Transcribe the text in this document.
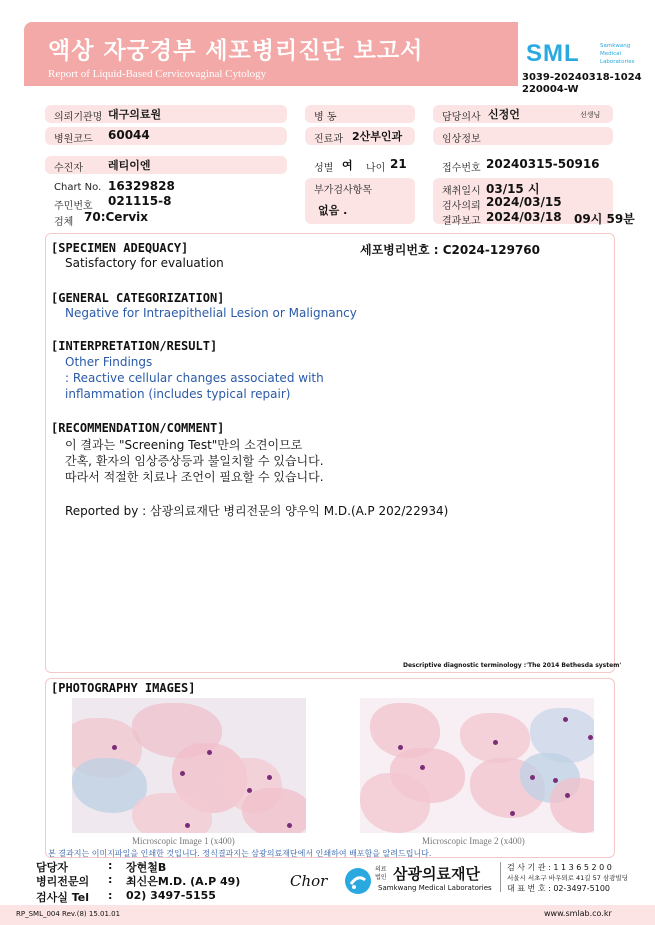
액상 자궁경부 세포병리진단 보고서
Report of Liquid-Based Cervicovaginal Cytology
SML	Samkwang
Medical
Laboratories
3039-20240318-1024
220004-W
의뢰기관명 대구의료원	병 동	담당의사 신정언	선생님
병원코드 60044	진료과 2산부인과	임상정보
수진자 레티이엔	성별 여 나이 21	접수번호 20240315-50916
Chart No. 16329828
주민번호 021115-8
검체 70:Cervix
부가검사항목
없음 .
채취일시 03/15 시
검사의뢰 2024/03/15
결과보고 2024/03/18 09시 59분
[SPECIMEN ADEQUACY]	세포병리번호 : C2024-129760
Satisfactory for evaluation
[GENERAL CATEGORIZATION]
Negative for Intraepithelial Lesion or Malignancy
[INTERPRETATION/RESULT]
Other Findings
: Reactive cellular changes associated with
inflammation (includes typical repair)
[RECOMMENDATION/COMMENT]
이 결과는 "Screening Test"만의 소견이므로
간혹, 환자의 임상증상등과 불일치할 수 있습니다.
따라서 적절한 치료나 조언이 필요할 수 있습니다.
Reported by : 삼광의료재단 병리전문의 양우익 M.D.(A.P 202/22934)
Descriptive diagnostic terminology :'The 2014 Bethesda system'
[PHOTOGRAPHY IMAGES]
Microscopic Image 1 (x400)	Microscopic Image 2 (x400)
본 결과지는 이미지파일을 인쇄한 것입니다. 정식결과지는 삼광의료재단에서 인쇄하여 배포함을 알려드립니다.
담당자	: 장현철B
병리전문의 : 최신은M.D. (A.P 49)
검사실 Tel : 02) 3497-5155
Chor
의료
법인 삼광의료재단
Samkwang Medical Laboratories
검 사 기 관 : 1 1 3 6 5 2 0 0
서울시 서초구 바우뫼로 41길 57 삼광빌딩
대 표 번 호 : 02-3497-5100
RP_SML_004 Rev.(8) 15.01.01	www.smlab.co.kr
